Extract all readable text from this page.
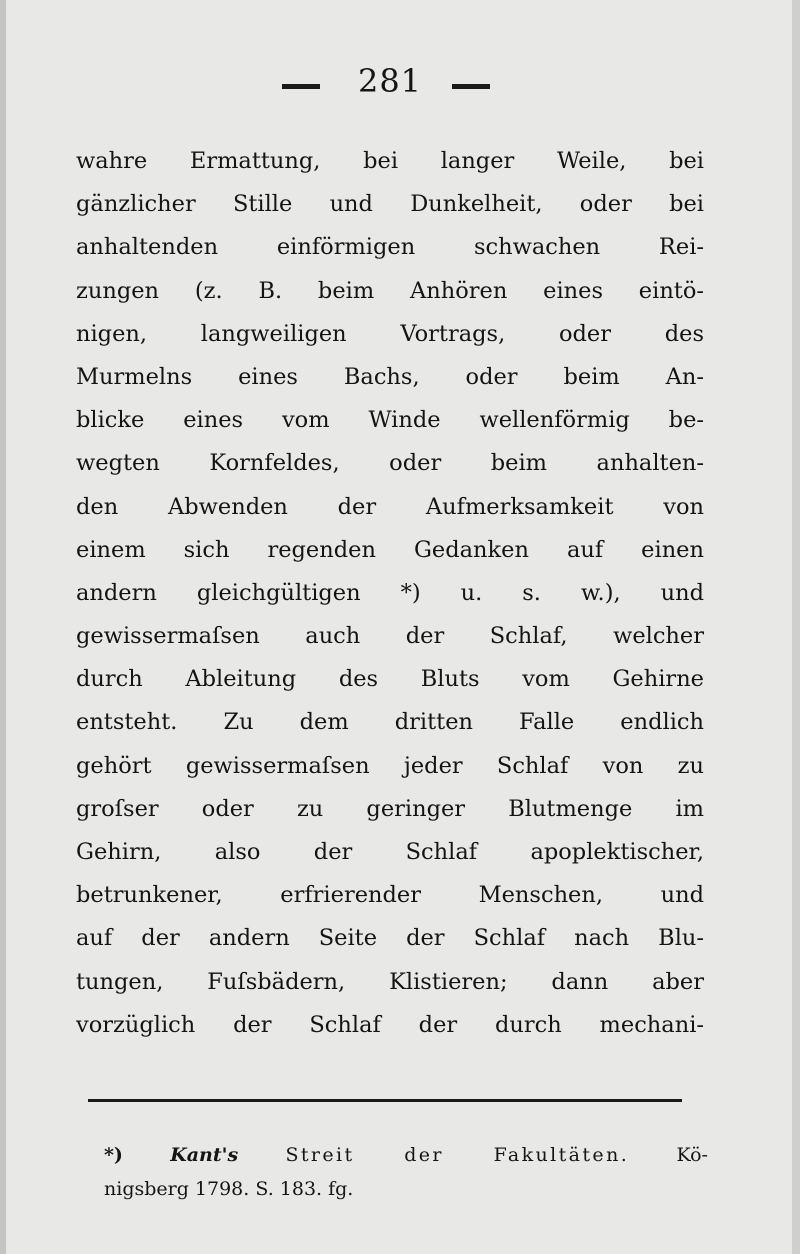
281
wahre Ermattung, bei langer Weile, bei
gänzlicher Stille und Dunkelheit, oder bei
anhaltenden einförmigen schwachen Rei-
zungen (z. B. beim Anhören eines eintö-
nigen, langweiligen Vortrags, oder des
Murmelns eines Bachs, oder beim An-
blicke eines vom Winde wellenförmig be-
wegten Kornfeldes, oder beim anhalten-
den Abwenden der Aufmerksamkeit von
einem sich regenden Gedanken auf einen
andern gleichgültigen *) u. s. w.), und
gewissermaſsen auch der Schlaf, welcher
durch Ableitung des Bluts vom Gehirne
entsteht. Zu dem dritten Falle endlich
gehört gewissermaſsen jeder Schlaf von zu
groſser oder zu geringer Blutmenge im
Gehirn, also der Schlaf apoplektischer,
betrunkener, erfrierender Menschen, und
auf der andern Seite der Schlaf nach Blu-
tungen, Fuſsbädern, Klistieren; dann aber
vorzüglich der Schlaf der durch mechani-
*) Kant's Streit der Fakultäten. Kö-
nigsberg 1798. S. 183. fg.
